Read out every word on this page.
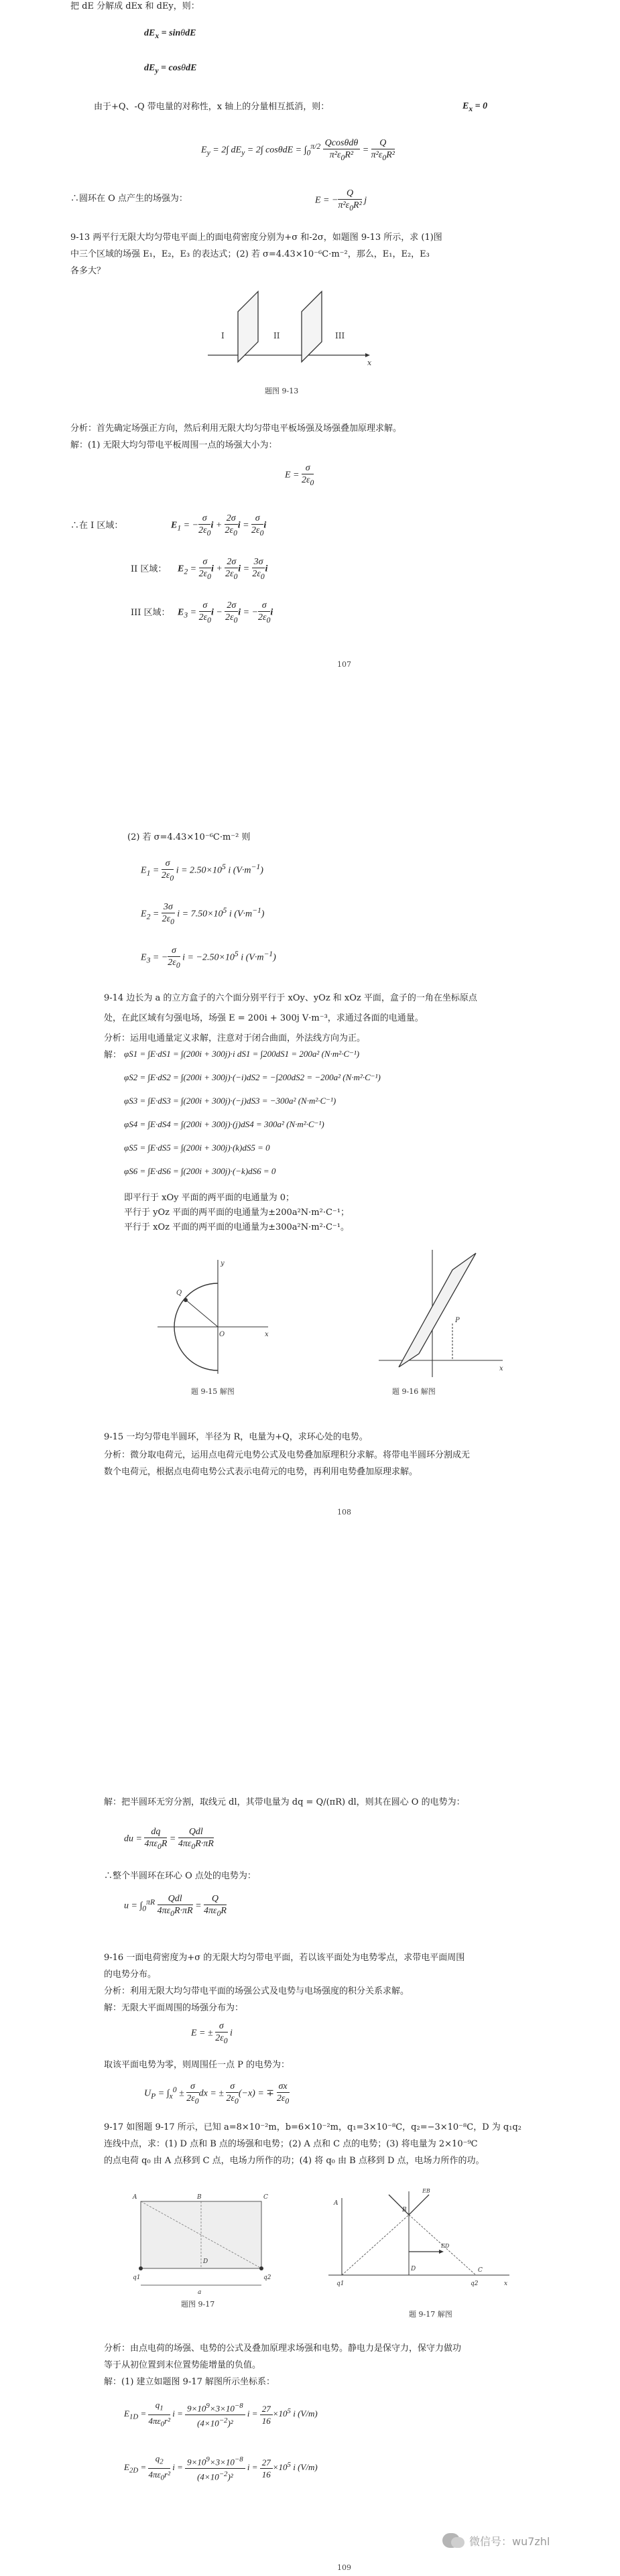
把 dE 分解成 dEx 和 dEy，则：
$dE_x = \sin\theta dE$
$dE_y = \cos\theta dE$
由于+Q、-Q 带电量的对称性，x 轴上的分量相互抵消，则：	$E_x = 0$
$E_y = 2\int$ $dE_y = 2\int$ $\cos\theta dE = \int_0^{\pi/2} \frac{\text{Qcosθdθ}}{\pi^2\varepsilon_0R^2} = \frac{Q}{\pi^2\varepsilon_0R^2}$
∴圆环在 O 点产生的场强为：	E = − $\frac{Q}{\pi^2\varepsilon_0R^2}$ j
9-13 两平行无限大均匀带电平面上的面电荷密度分别为+σ 和-2σ，如题图 9-13 所示，求 (1)图
中三个区域的场强 E₁，E₂，E₃ 的表达式；(2) 若 σ=4.43×10⁻⁶C·m⁻²，那么，E₁，E₂，E₃
各多大？
I	II	III
x
题图 9-13
分析：首先确定场强正方向，然后利用无限大均匀带电平板场强及场强叠加原理求解。
解：(1) 无限大均匀带电平板周围一点的场强大小为：
$E = \frac{\sigma}{2\varepsilon_0}$
∴在 I 区域：	$E_1$ = − $\frac{\sigma}{2\varepsilon_0}$ $i + \frac{2\sigma}{2\varepsilon_0}$ $i = \frac{\sigma}{2\varepsilon_0}$ i
II 区域： $E_2 = \frac{\sigma}{2\varepsilon_0}$ $i + \frac{2\sigma}{2\varepsilon_0}$ $i = \frac{3\sigma}{2\varepsilon_0}$ i
III 区域： $E_3 = \frac{\sigma}{2\varepsilon_0}$ $i - \frac{2\sigma}{2\varepsilon_0}$ i = − $\frac{\sigma}{2\varepsilon_0}$ i
107
(2) 若 σ=4.43×10⁻⁶C·m⁻² 则
$E_1 = \frac{\sigma}{2\varepsilon_0}$ $i = 2.50\times 10^5$ i $(V\cdot m^{-1})$
$E_2 = \frac{3\sigma}{2\varepsilon_0}$ $i = 7.50\times 10^5$ i $(V\cdot m^{-1})$
$E_3$ = − $\frac{\sigma}{2\varepsilon_0}$ $i = -2.50\times 10^5$ i $(V\cdot m^{-1})$
9-14 边长为 a 的立方盒子的六个面分别平行于 xOy、yOz 和 xOz 平面，盒子的一角在坐标原点
处，在此区域有匀强电场，场强 E = 200i + 300j V·m⁻³，求通过各面的电通量。
分析：运用电通量定义求解，注意对于闭合曲面，外法线方向为正。
解： φS1 = ∫E·dS1 = ∫(200i + 300j)·i dS1 = ∫200dS1 = 200a² (N·m²·C⁻¹)
φS2 = ∫E·dS2 = ∫(200i + 300j)·(−i)dS2 = −∫200dS2 = −200a² (N·m²·C⁻¹)
φS3 = ∫E·dS3 = ∫(200i + 300j)·(−j)dS3 = −300a² (N·m²·C⁻¹)
φS4 = ∫E·dS4 = ∫(200i + 300j)·(j)dS4 = 300a² (N·m²·C⁻¹)
φS5 = ∫E·dS5 = ∫(200i + 300j)·(k)dS5 = 0
φS6 = ∫E·dS6 = ∫(200i + 300j)·(−k)dS6 = 0
即平行于 xOy 平面的两平面的电通量为 0；
平行于 yOz 平面的两平面的电通量为±200a²N·m²·C⁻¹；
平行于 xOz 平面的两平面的电通量为±300a²N·m²·C⁻¹。
Q
O
y
x
题 9-15 解图
P
x
题 9-16 解图
9-15 一均匀带电半圆环，半径为 R，电量为+Q，求环心处的电势。
分析：微分取电荷元，运用点电荷元电势公式及电势叠加原理积分求解。将带电半圆环分割成无
数个电荷元，根据点电荷电势公式表示电荷元的电势，再利用电势叠加原理求解。
108
解：把半圆环无穷分割，取线元 dl，其带电量为 dq = Q/(πR) dl，则其在圆心 O 的电势为：
du = $\frac{dq}{4\pi\varepsilon_0R} = \frac{\text{Qdl}}{4\pi\varepsilon_0R\cdot\pi R}$
∴整个半圆环在环心 O 点处的电势为：
$u = \int_0^{\pi R} \frac{\text{Qdl}}{4\pi\varepsilon_0R\cdot\pi R} = \frac{Q}{4\pi\varepsilon_0R}$
9-16 一面电荷密度为+σ 的无限大均匀带电平面，若以该平面处为电势零点，求带电平面周围
的电势分布。
分析：利用无限大均匀带电平面的场强公式及电势与电场强度的积分关系求解。
解：无限大平面周围的场强分布为：
E = ± $\frac{\sigma}{2\varepsilon_0}$ i
取该平面电势为零，则周围任一点 P 的电势为：
$U_P = \int_x^0 \pm \frac{\sigma}{2\varepsilon_0}$ dx = ± $\frac{\sigma}{2\varepsilon_0} (-x)$ = ∓ $\frac{\sigma x}{2\varepsilon_0}$
9-17 如图题 9-17 所示，已知 a=8×10⁻²m，b=6×10⁻²m，q₁=3×10⁻⁸C，q₂=−3×10⁻⁸C，D 为 q₁q₂
连线中点，求：(1) D 点和 B 点的场强和电势；(2) A 点和 C 点的电势；(3) 将电量为 2×10⁻⁹C
的点电荷 q₀ 由 A 点移到 C 点，电场力所作的功；(4) 将 q₀ 由 B 点移到 D 点，电场力所作的功。
A	B	C
D
q1	q2
a
题图 9-17
A
B
C
D
EB
ED
q1	q2	x
题 9-17 解图
分析：由点电荷的场强、电势的公式及叠加原理求场强和电势。静电力是保守力，保守力做功
等于从初位置到末位置势能增量的负值。
解：(1) 建立如题图 9-17 解图所示坐标系：
$E_{1D} = \frac{q_1}{4\pi\varepsilon_0r^2}$ $i = \frac{9\times 10^9\times 3\times 10^{-8}}{(4\times 10^{-2})^2}$ $i = \frac{27}{16} \times 10^5$ i (V/m)
$E_{2D} = \frac{q_2}{4\pi\varepsilon_0r^2}$ $i = \frac{9\times 10^9\times 3\times 10^{-8}}{(4\times 10^{-2})^2}$ $i = \frac{27}{16} \times 10^5$ i (V/m)
微信号：wu7zhl
109
